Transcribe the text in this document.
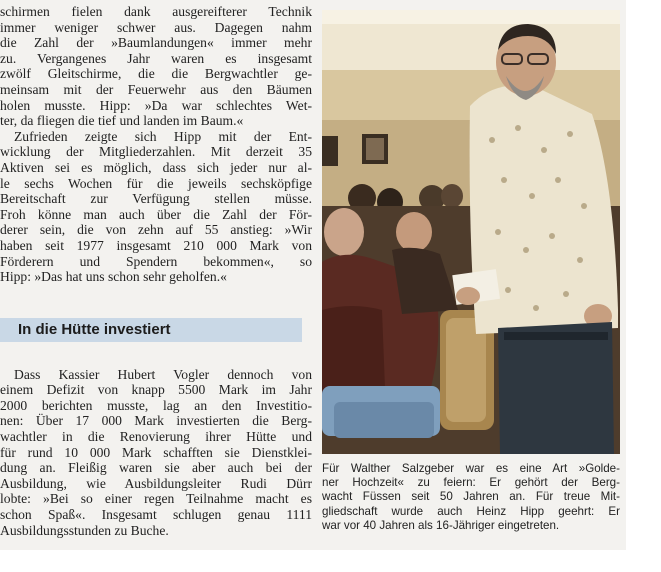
schirmen fielen dank ausgereifterer Technik
immer weniger schwer aus. Dagegen nahm
die Zahl der »Baumlandungen« immer mehr
zu. Vergangenes Jahr waren es insgesamt
zwölf Gleitschirme, die die Bergwachtler ge-
meinsam mit der Feuerwehr aus den Bäumen
holen musste. Hipp: »Da war schlechtes Wet-
ter, da fliegen die tief und landen im Baum.«

Zufrieden zeigte sich Hipp mit der Ent-
wicklung der Mitgliederzahlen. Mit derzeit 35
Aktiven sei es möglich, dass sich jeder nur al-
le sechs Wochen für die jeweils sechsköpfige
Bereitschaft zur Verfügung stellen müsse.
Froh könne man auch über die Zahl der För-
derer sein, die von zehn auf 55 anstieg: »Wir
haben seit 1977 insgesamt 210 000 Mark von
Förderern und Spendern bekommen«, so
Hipp: »Das hat uns schon sehr geholfen.«

In die Hütte investiert

Dass Kassier Hubert Vogler dennoch von
einem Defizit von knapp 5500 Mark im Jahr
2000 berichten musste, lag an den Investitio-
nen: Über 17 000 Mark investierten die Berg-
wachtler in die Renovierung ihrer Hütte und
für rund 10 000 Mark schafften sie Dienstklei-
dung an. Fleißig waren sie aber auch bei der
Ausbildung, wie Ausbildungsleiter Rudi Dürr
lobte: »Bei so einer regen Teilnahme macht es
schon Spaß«. Insgesamt schlugen genau 1111
Ausbildungsstunden zu Buche.

Für Walther Salzgeber war es eine Art »Golde-
ner Hochzeit« zu feiern: Er gehört der Berg-
wacht Füssen seit 50 Jahren an. Für treue Mit-
gliedschaft wurde auch Heinz Hipp geehrt: Er
war vor 40 Jahren als 16-Jähriger eingetreten.
